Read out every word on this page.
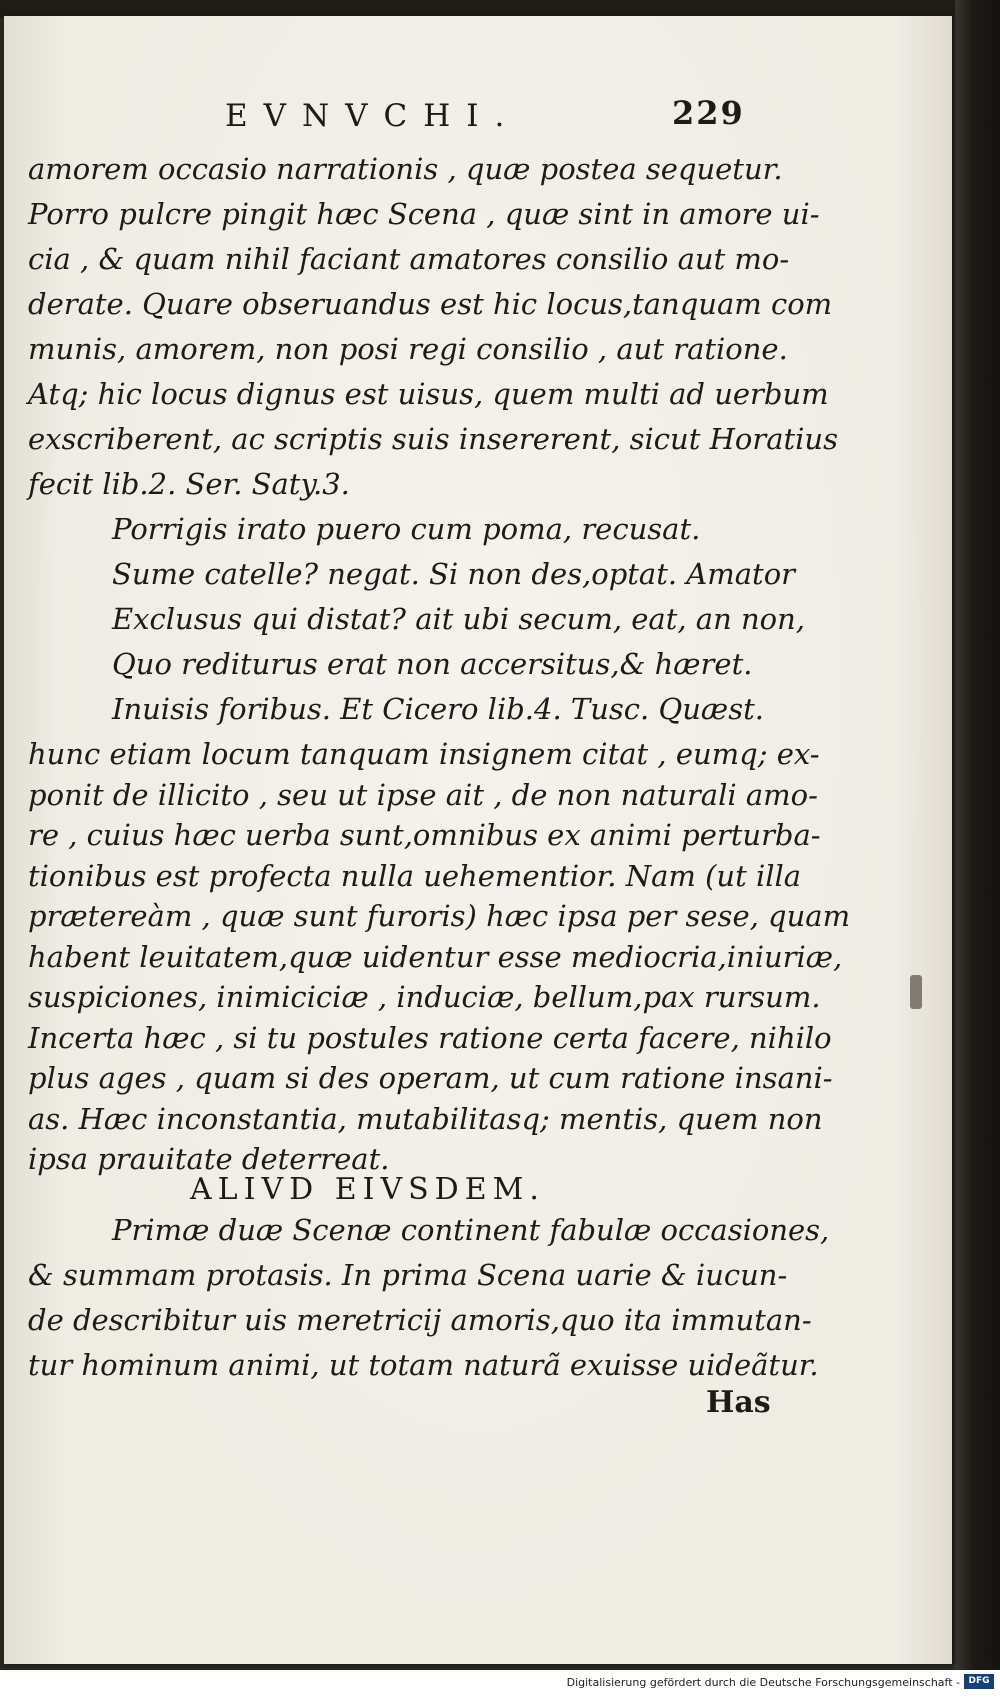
EVNVCHI.	229
amorem occasio narrationis , quæ postea sequetur.
Porro pulcre pingit hæc Scena , quæ sint in amore ui-
cia , & quam nihil faciant amatores consilio aut mo-
derate. Quare obseruandus est hic locus,tanquam com
munis, amorem, non posi regi consilio , aut ratione.
Atq; hic locus dignus est uisus, quem multi ad uerbum
exscriberent, ac scriptis suis insererent, sicut Horatius
fecit lib.2. Ser. Saty.3.
Porrigis irato puero cum poma, recusat.
Sume catelle? negat. Si non des,optat. Amator
Exclusus qui distat? ait ubi secum, eat, an non,
Quo rediturus erat non accersitus,& hæret.
Inuisis foribus. Et Cicero lib.4. Tusc. Quæst.
hunc etiam locum tanquam insignem citat , eumq; ex-
ponit de illicito , seu ut ipse ait , de non naturali amo-
re , cuius hæc uerba sunt,omnibus ex animi perturba-
tionibus est profecta nulla uehementior. Nam (ut illa
prætereàm , quæ sunt furoris) hæc ipsa per sese, quam
habent leuitatem,quæ uidentur esse mediocria,iniuriæ,
suspiciones, inimiciciæ , induciæ, bellum,pax rursum.
Incerta hæc , si tu postules ratione certa facere, nihilo
plus ages , quam si des operam, ut cum ratione insani-
as. Hæc inconstantia, mutabilitasq; mentis, quem non
ipsa prauitate deterreat.
ALIVD EIVSDEM.
Primæ duæ Scenæ continent fabulæ occasiones,
& summam protasis. In prima Scena uarie & iucun-
de describitur uis meretricij amoris,quo ita immutan-
tur hominum animi, ut totam naturã exuisse uideãtur.
Has
Digitalisierung gefördert durch die Deutsche Forschungsgemeinschaft - DFG
